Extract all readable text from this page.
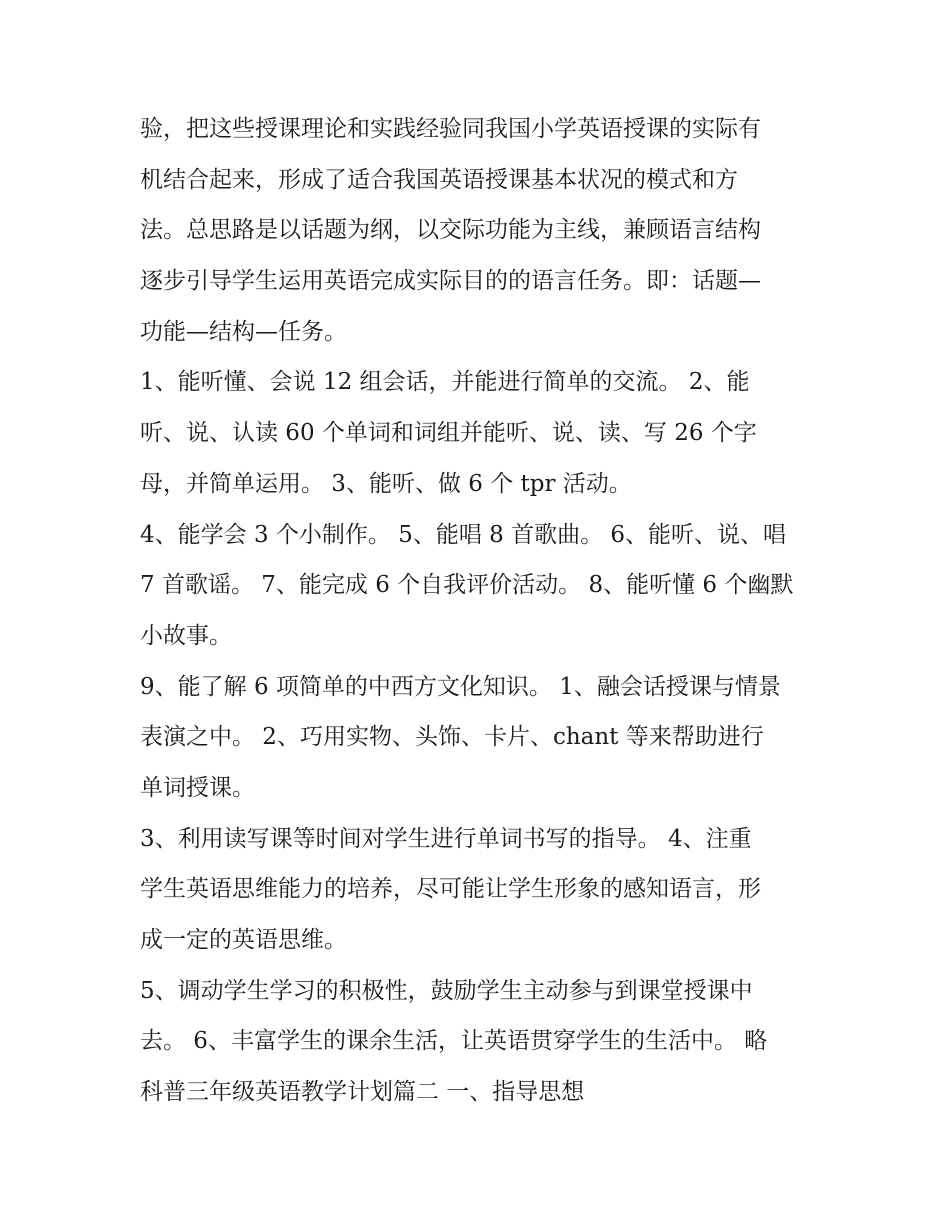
验，把这些授课理论和实践经验同我国小学英语授课的实际有
机结合起来，形成了适合我国英语授课基本状况的模式和方
法。总思路是以话题为纲，以交际功能为主线，兼顾语言结构
逐步引导学生运用英语完成实际目的的语言任务。即：话题—
功能—结构—任务。
1、能听懂、会说 12 组会话，并能进行简单的交流。 2、能
听、说、认读 60 个单词和词组并能听、说、读、写 26 个字
母，并简单运用。 3、能听、做 6 个 tpr 活动。
4、能学会 3 个小制作。 5、能唱 8 首歌曲。 6、能听、说、唱
7 首歌谣。 7、能完成 6 个自我评价活动。 8、能听懂 6 个幽默
小故事。
9、能了解 6 项简单的中西方文化知识。 1、融会话授课与情景
表演之中。 2、巧用实物、头饰、卡片、chant 等来帮助进行
单词授课。
3、利用读写课等时间对学生进行单词书写的指导。 4、注重
学生英语思维能力的培养，尽可能让学生形象的感知语言，形
成一定的英语思维。
5、调动学生学习的积极性，鼓励学生主动参与到课堂授课中
去。 6、丰富学生的课余生活，让英语贯穿学生的生活中。 略
科普三年级英语教学计划篇二 一、指导思想
